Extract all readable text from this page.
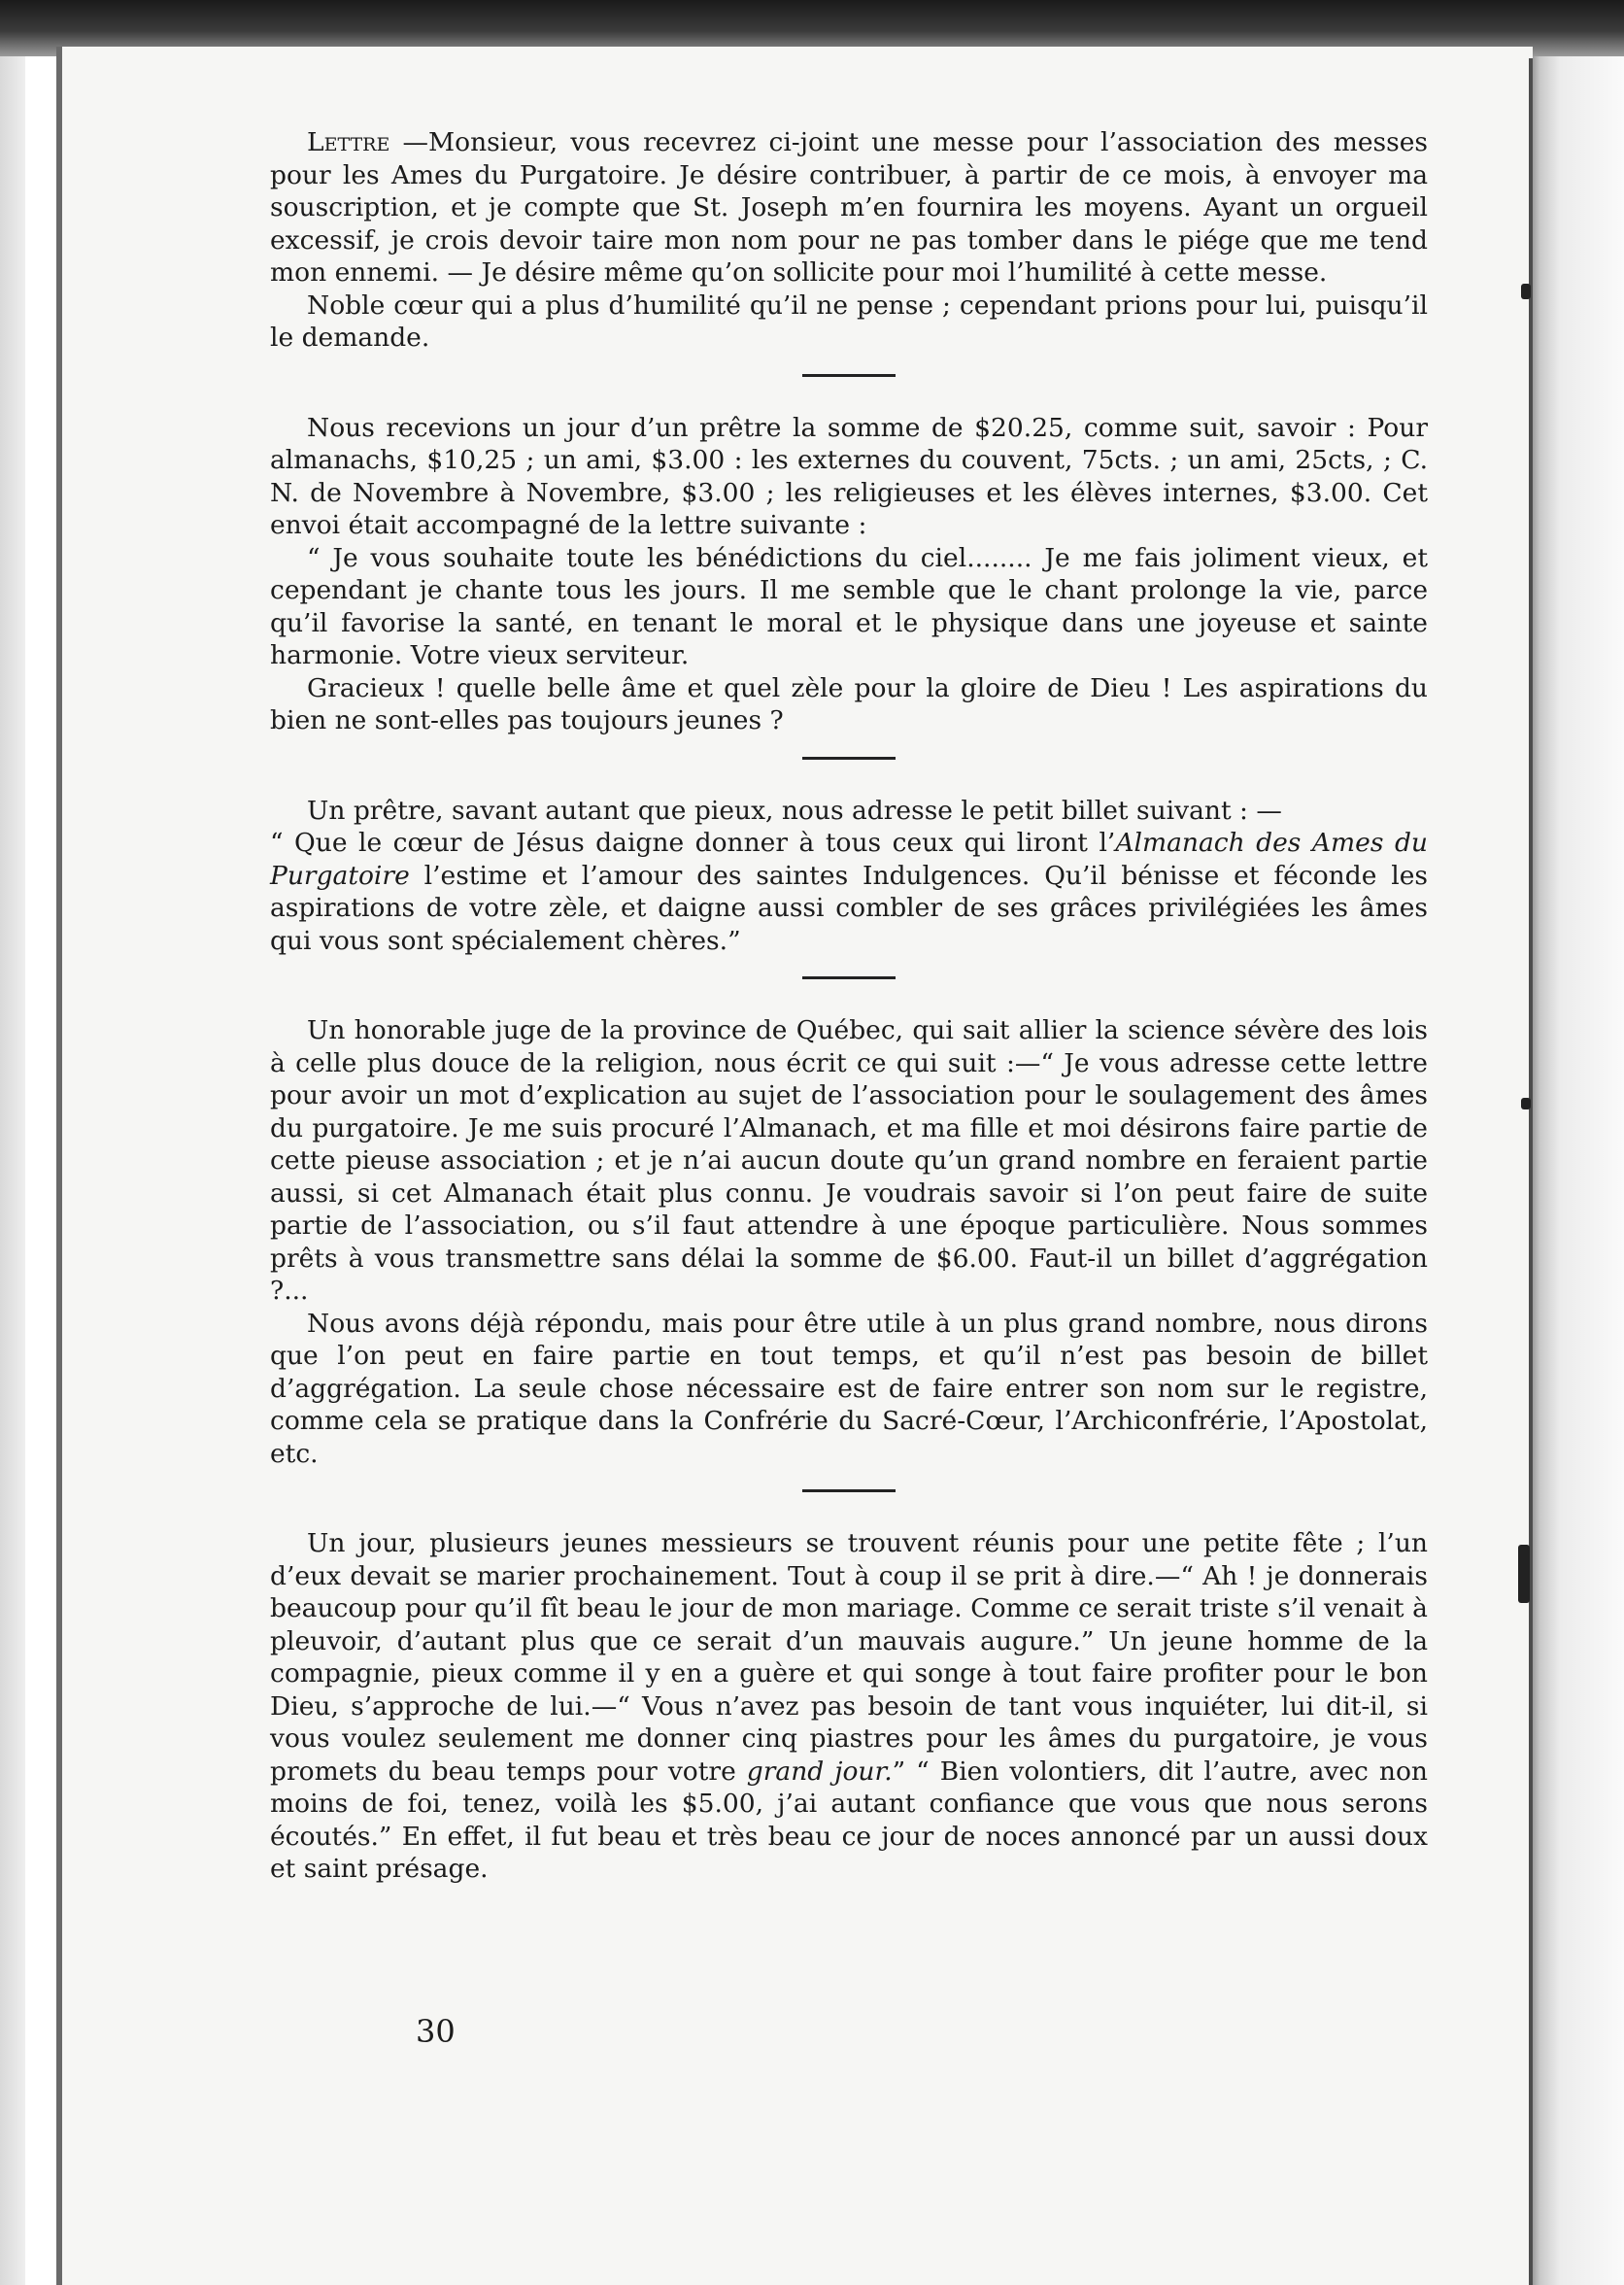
Lettre —Monsieur, vous recevrez ci-joint une messe pour l’association des messes pour les Ames du Purgatoire. Je désire contribuer, à partir de ce mois, à envoyer ma souscription, et je compte que St. Joseph m’en fournira les moyens. Ayant un orgueil excessif, je crois devoir taire mon nom pour ne pas tomber dans le piége que me tend mon ennemi. — Je désire même qu’on sollicite pour moi l’humilité à cette messe.

Noble cœur qui a plus d’humilité qu’il ne pense ; cependant prions pour lui, puisqu’il le demande.

Nous recevions un jour d’un prêtre la somme de $20.25, comme suit, savoir : Pour almanachs, $10,25 ; un ami, $3.00 : les externes du couvent, 75cts. ; un ami, 25cts, ; C. N. de Novembre à Novembre, $3.00 ; les religieuses et les élèves internes, $3.00. Cet envoi était accompagné de la lettre suivante :

“ Je vous souhaite toute les bénédictions du ciel........ Je me fais joliment vieux, et cependant je chante tous les jours. Il me semble que le chant prolonge la vie, parce qu’il favorise la santé, en tenant le moral et le physique dans une joyeuse et sainte harmonie. Votre vieux serviteur.

Gracieux ! quelle belle âme et quel zèle pour la gloire de Dieu ! Les aspirations du bien ne sont-elles pas toujours jeunes ?

Un prêtre, savant autant que pieux, nous adresse le petit billet suivant : —

“ Que le cœur de Jésus daigne donner à tous ceux qui liront l’Almanach des Ames du Purgatoire l’estime et l’amour des saintes Indulgences. Qu’il bénisse et féconde les aspirations de votre zèle, et daigne aussi combler de ses grâces privilégiées les âmes qui vous sont spécialement chères.”

Un honorable juge de la province de Québec, qui sait allier la science sévère des lois à celle plus douce de la religion, nous écrit ce qui suit :—“ Je vous adresse cette lettre pour avoir un mot d’explication au sujet de l’association pour le soulagement des âmes du purgatoire. Je me suis procuré l’Almanach, et ma fille et moi désirons faire partie de cette pieuse association ; et je n’ai aucun doute qu’un grand nombre en feraient partie aussi, si cet Almanach était plus connu. Je voudrais savoir si l’on peut faire de suite partie de l’association, ou s’il faut attendre à une époque particulière. Nous sommes prêts à vous transmettre sans délai la somme de $6.00. Faut-il un billet d’aggrégation ?...

Nous avons déjà répondu, mais pour être utile à un plus grand nombre, nous dirons que l’on peut en faire partie en tout temps, et qu’il n’est pas besoin de billet d’aggrégation. La seule chose nécessaire est de faire entrer son nom sur le registre, comme cela se pratique dans la Confrérie du Sacré-Cœur, l’Archiconfrérie, l’Apostolat, etc.

Un jour, plusieurs jeunes messieurs se trouvent réunis pour une petite fête ; l’un d’eux devait se marier prochainement. Tout à coup il se prit à dire.—“ Ah ! je donnerais beaucoup pour qu’il fît beau le jour de mon mariage. Comme ce serait triste s’il venait à pleuvoir, d’autant plus que ce serait d’un mauvais augure.” Un jeune homme de la compagnie, pieux comme il y en a guère et qui songe à tout faire profiter pour le bon Dieu, s’approche de lui.—“ Vous n’avez pas besoin de tant vous inquiéter, lui dit-il, si vous voulez seulement me donner cinq piastres pour les âmes du purgatoire, je vous promets du beau temps pour votre grand jour.” “ Bien volontiers, dit l’autre, avec non moins de foi, tenez, voilà les $5.00, j’ai autant confiance que vous que nous serons écoutés.” En effet, il fut beau et très beau ce jour de noces annoncé par un aussi doux et saint présage.

30
